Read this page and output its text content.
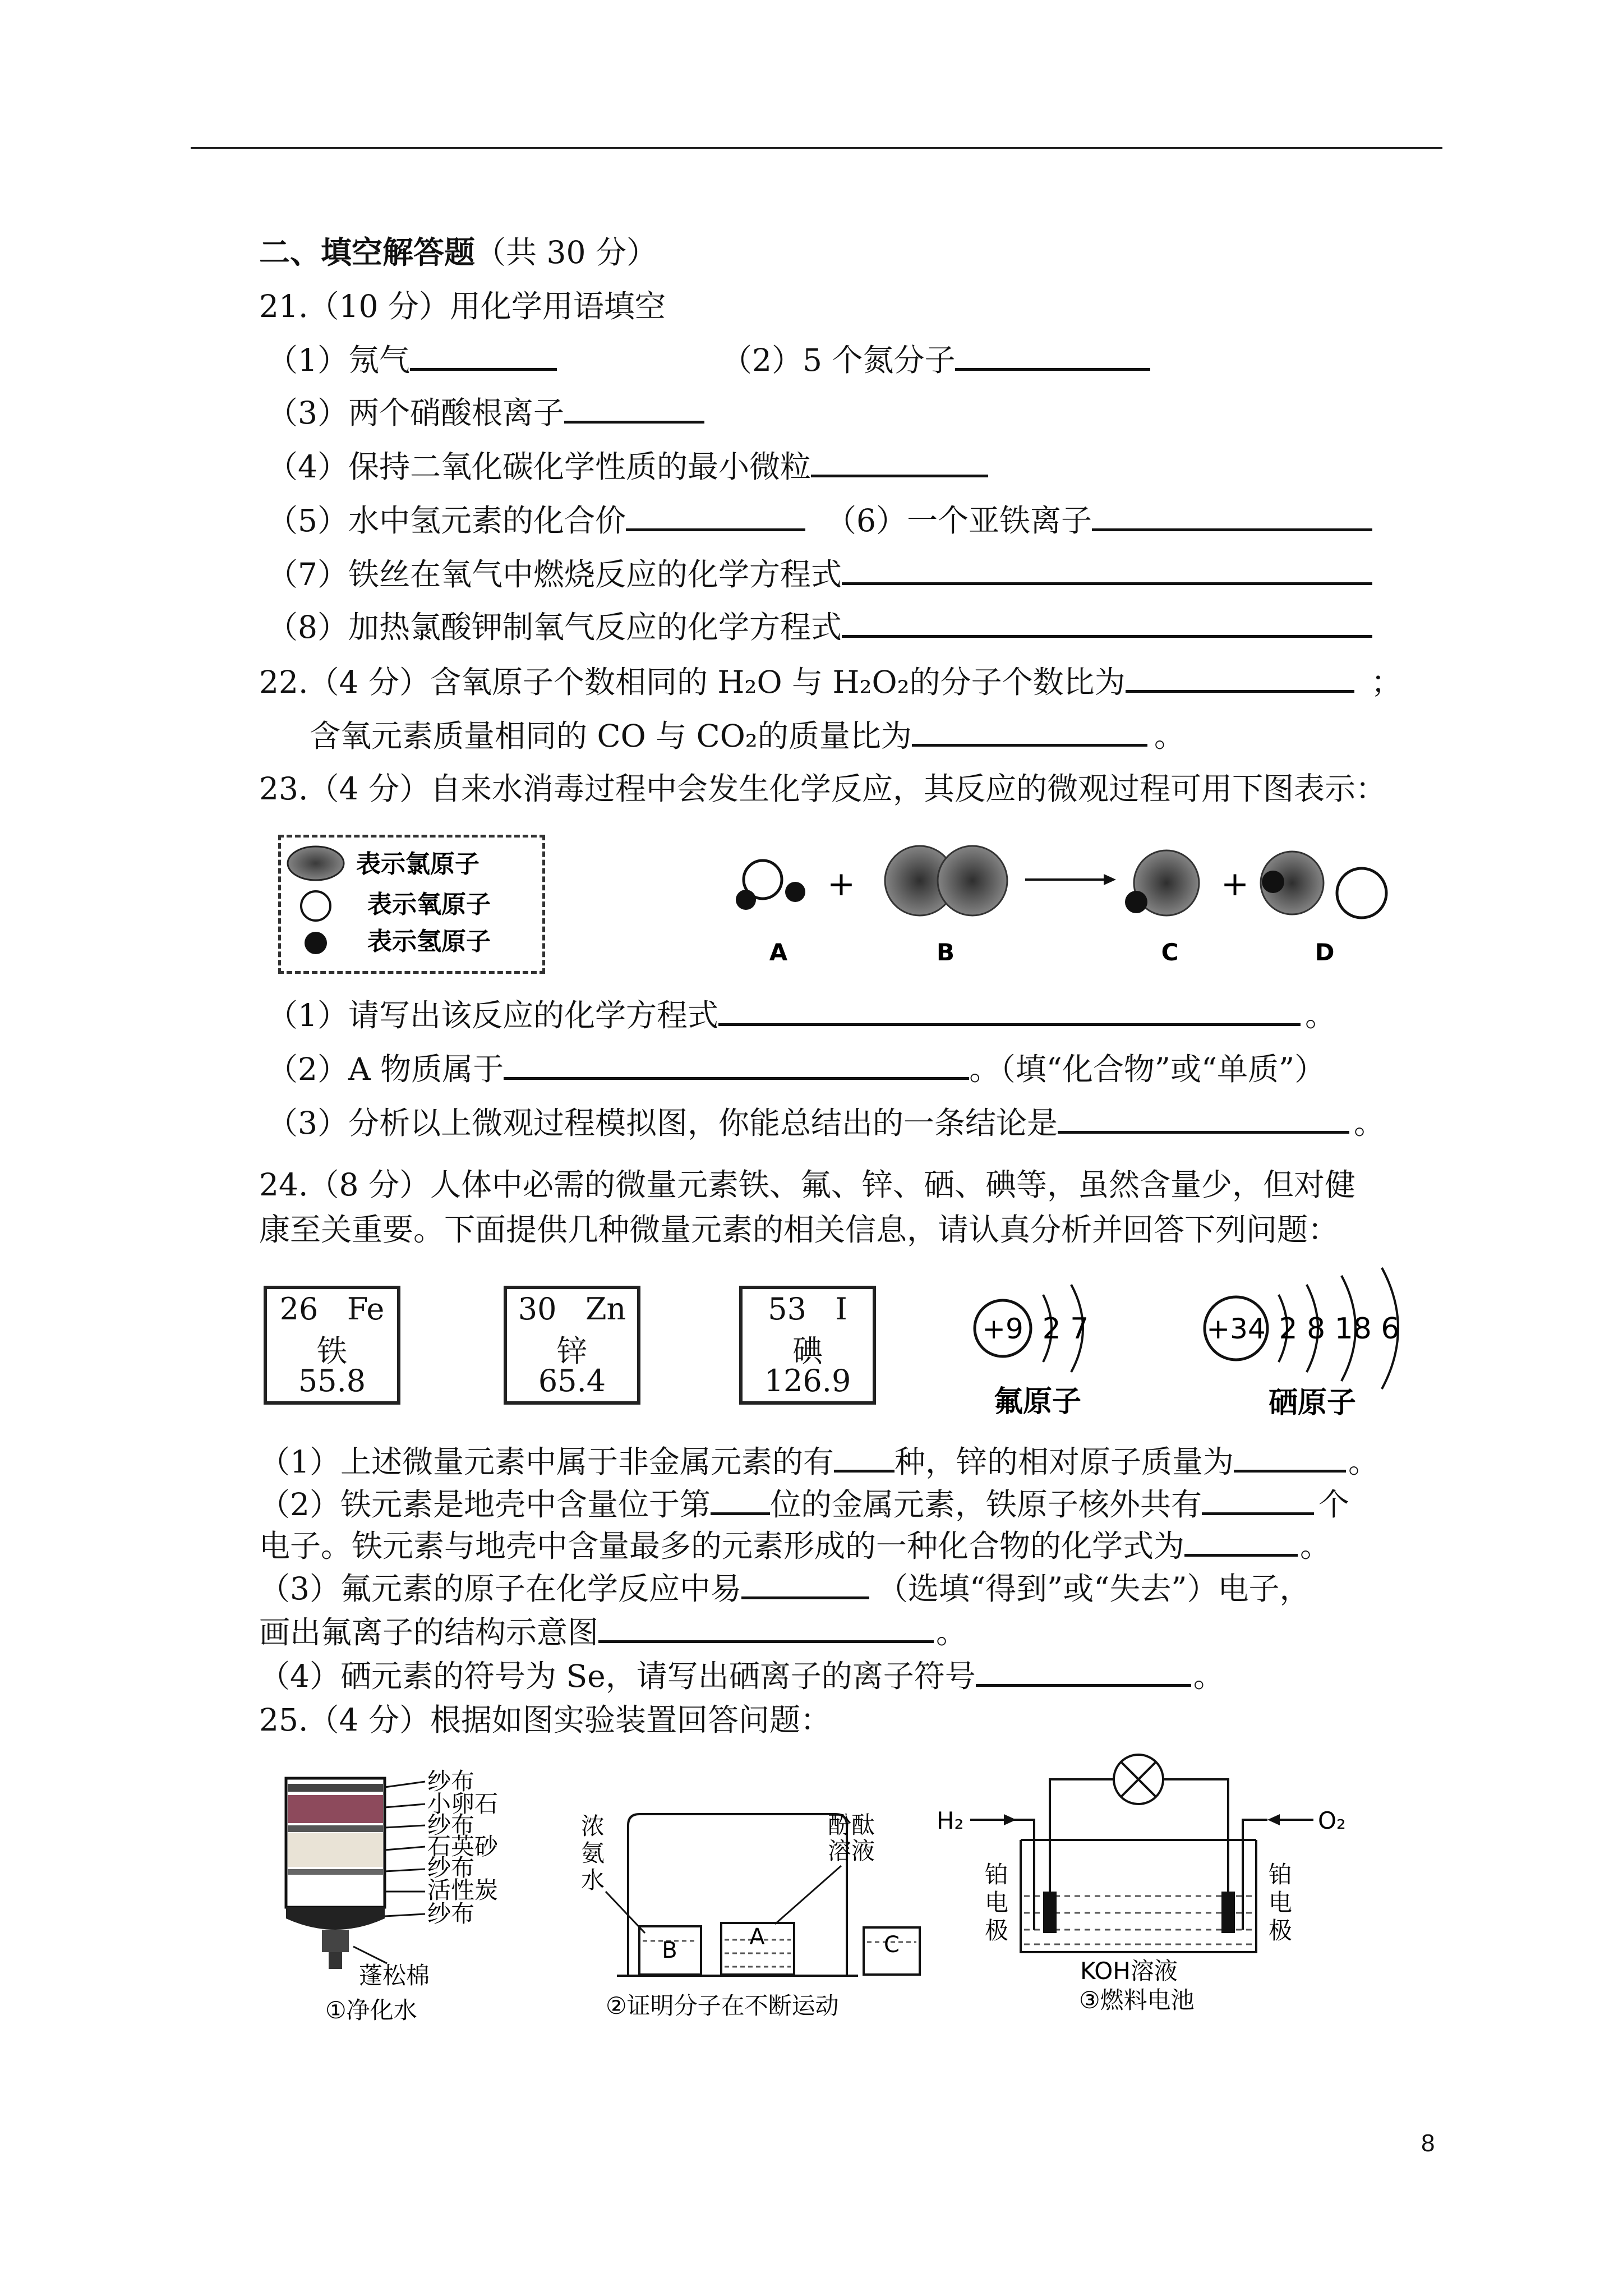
二、填空解答题（共 30 分）
21.（10 分）用化学用语填空
（1）氖气	（2）5 个氮分子
（3）两个硝酸根离子
（4）保持二氧化碳化学性质的最小微粒
（5）水中氢元素的化合价	（6）一个亚铁离子
（7）铁丝在氧气中燃烧反应的化学方程式
（8）加热氯酸钾制氧气反应的化学方程式
22.（4 分）含氧原子个数相同的 H₂O 与 H₂O₂的分子个数比为	；
含氧元素质量相同的 CO 与 CO₂的质量比为	。
23.（4 分）自来水消毒过程中会发生化学反应，其反应的微观过程可用下图表示：
表示氯原子
表示氧原子
表示氢原子
+	+
A	B	C	D
（1）请写出该反应的化学方程式	。
（2）A 物质属于	。（填“化合物”或“单质”）
（3）分析以上微观过程模拟图，你能总结出的一条结论是	。
24.（8 分）人体中必需的微量元素铁、氟、锌、硒、碘等，虽然含量少，但对健
康至关重要。下面提供几种微量元素的相关信息，请认真分析并回答下列问题：
26 Fe
铁
55.8
30 Zn
锌
65.4
53 I
碘
126.9
+9 2 7
氟原子
+34 2 8 18 6
硒原子
（1）上述微量元素中属于非金属元素的有 种，锌的相对原子质量为	。
（2）铁元素是地壳中含量位于第 位的金属元素，铁原子核外共有	个
电子。铁元素与地壳中含量最多的元素形成的一种化合物的化学式为	。
（3）氟元素的原子在化学反应中易	（选填“得到”或“失去”）电子，
画出氟离子的结构示意图	。
（4）硒元素的符号为 Se，请写出硒离子的离子符号	。
25.（4 分）根据如图实验装置回答问题：
纱布
小卵石
纱布
石英砂
纱布
活性炭
纱布
蓬松棉
①净化水
B
A	C
浓
氨
水
酚酞
溶液
②证明分子在不断运动
H₂	O₂
铂
电
极
铂
电
极
KOH溶液
③燃料电池
8
